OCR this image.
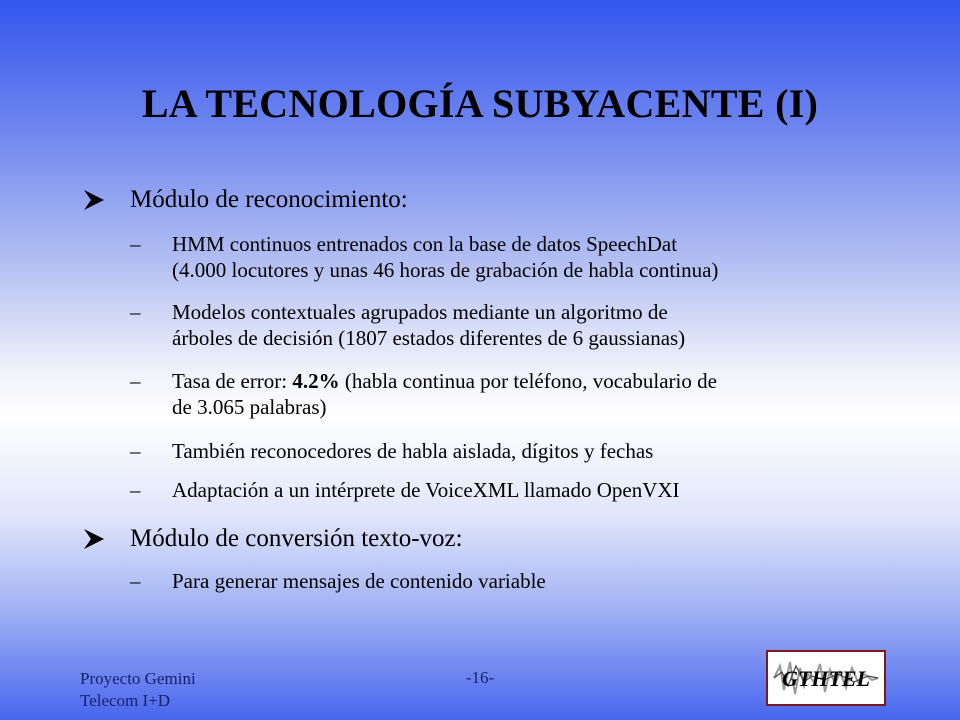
LA TECNOLOGÍA SUBYACENTE (I)
Módulo de reconocimiento:
– HMM continuos entrenados con la base de datos SpeechDat
(4.000 locutores y unas 46 horas de grabación de habla continua)
– Modelos contextuales agrupados mediante un algoritmo de
árboles de decisión (1807 estados diferentes de 6 gaussianas)
– Tasa de error: 4.2% (habla continua por teléfono, vocabulario de
de 3.065 palabras)
– También reconocedores de habla aislada, dígitos y fechas
– Adaptación a un intérprete de VoiceXML llamado OpenVXI
Módulo de conversión texto-voz:
– Para generar mensajes de contenido variable
Proyecto Gemini
Telecom I+D
-16-	GTHTEL
